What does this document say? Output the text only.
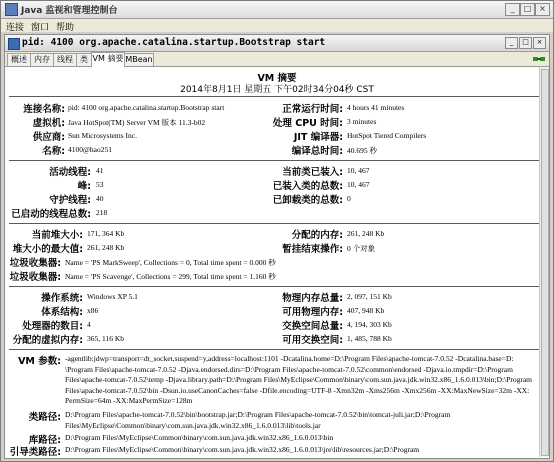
Java 监视和管理控制台	_	□ ×
连接 窗口 帮助
pid: 4100 org.apache.catalina.startup.Bootstrap start	_	□	×
概述 内存 线程 类 VM 摘要 MBean
VM 摘要
2014年8月1日 星期五 下午02时34分04秒 CST
连接名称: pid: 4100 org.apache.catalina.startup.Bootstrap start
虚拟机: Java HotSpot(TM) Server VM 版本 11.3-b02
供应商: Sun Microsystems Inc.
名称: 4100@hao251
正常运行时间: 4 hours 41 minutes
处理 CPU 时间: 3 minutes
JIT 编译器: HotSpot Tiered Compilers
编译总时间: 40.695 秒
活动线程: 41
峰: 53
守护线程: 40
已启动的线程总数: 218
当前类已装入: 10, 467
已装入类的总数: 10, 467
已卸载类的总数: 0
当前堆大小: 171, 364 Kb
堆大小的最大值: 261, 248 Kb
分配的内存: 261, 248 Kb
暂挂结束操作: 0 个对象
垃圾收集器: Name = 'PS MarkSweep', Collections = 0, Total time spent = 0.000 秒
垃圾收集器: Name = 'PS Scavenge', Collections = 299, Total time spent = 1.160 秒
操作系统: Windows XP 5.1
体系结构: x86
处理器的数目: 4
分配的虚拟内存: 365, 116 Kb
物理内存总量: 2, 097, 151 Kb
可用物理内存: 407, 948 Kb
交换空间总量: 4, 194, 303 Kb
可用交换空间: 1, 485, 788 Kb
VM 参数: -agentlib:jdwp=transport=dt_socket,suspend=y,address=localhost:1101 -Dcatalina.home=D:\Program Files\apache-tomcat-7.0.52 -Dcatalina.base=D:
\Program Files\apache-tomcat-7.0.52 -Djava.endorsed.dirs=D:\Program Files\apache-tomcat-7.0.52\common\endorsed -Djava.io.tmpdir=D:\Program
Files\apache-tomcat-7.0.52\temp -Djava.library.path=D:\Program Files\MyEclipse\Common\binary\com.sun.java.jdk.win32.x86_1.6.0.013\bin;D:\Program
Files\apache-tomcat-7.0.52\bin -Dsun.io.useCanonCaches=false -Dfile.encoding=UTF-8 -Xmn32m -Xms256m -Xmx256m -XX:MaxNewSize=32m -XX:
PermSize=64m -XX:MaxPermSize=128m
类路径: D:\Program Files\apache-tomcat-7.0.52\bin\bootstrap.jar;D:\Program Files\apache-tomcat-7.0.52\bin\tomcat-juli.jar;D:\Program
Files\MyEclipse\Common\binary\com.sun.java.jdk.win32.x86_1.6.0.013\lib\tools.jar
库路径: D:\Program Files\MyEclipse\Common\binary\com.sun.java.jdk.win32.x86_1.6.0.013\bin
引导类路径: D:\Program Files\MyEclipse\Common\binary\com.sun.java.jdk.win32.x86_1.6.0.013\jre\lib\resources.jar;D:\Program
